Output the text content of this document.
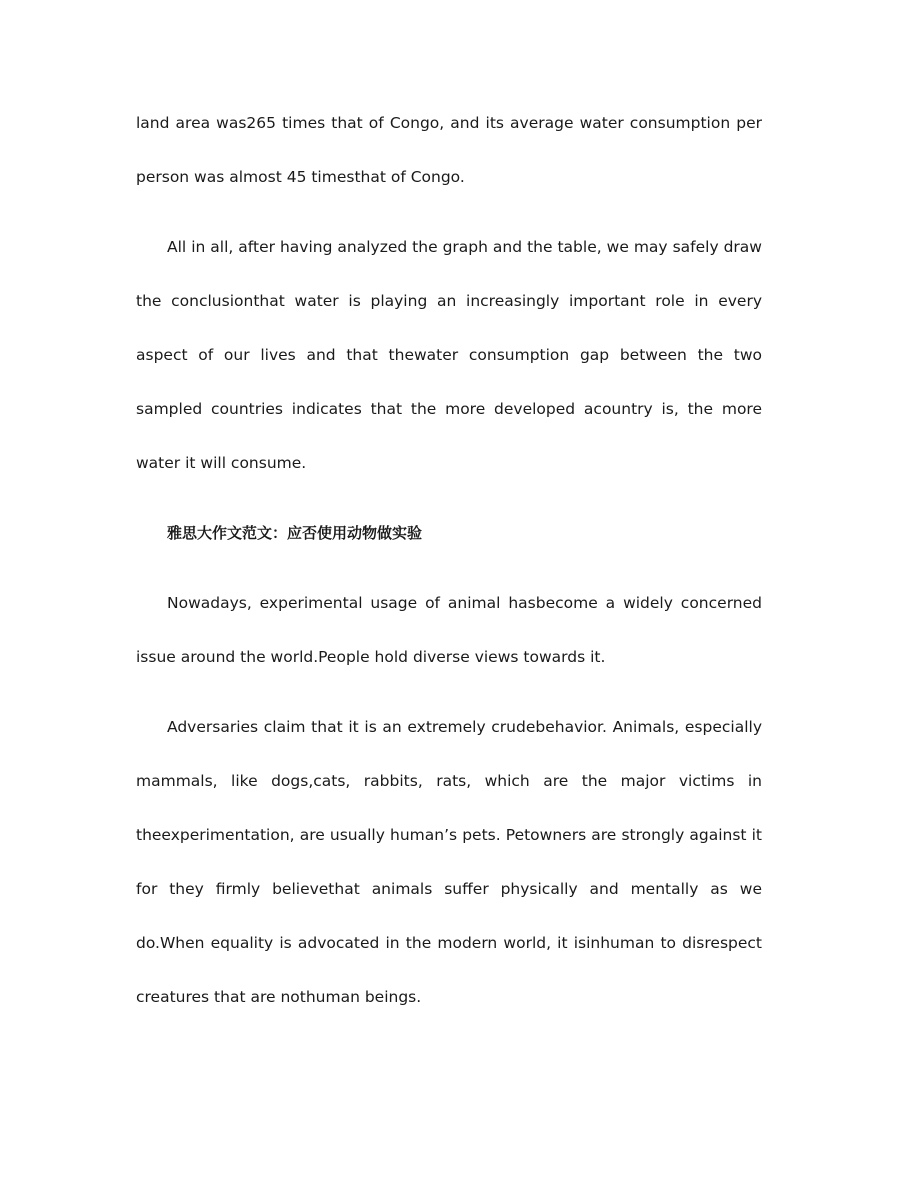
land area was265 times that of Congo, and its average water consumption per person was almost 45 timesthat of Congo.

All in all, after having analyzed the graph and the table, we may safely draw the conclusionthat water is playing an increasingly important role in every aspect of our lives and that thewater consumption gap between the two sampled countries indicates that the more developed acountry is, the more water it will consume.

雅思大作文范文：应否使用动物做实验

Nowadays, experimental usage of animal hasbecome a widely concerned issue around the world.People hold diverse views towards it.

Adversaries claim that it is an extremely crudebehavior. Animals, especially mammals, like dogs,cats, rabbits, rats, which are the major victims in theexperimentation, are usually human’s pets. Petowners are strongly against it for they firmly believethat animals suffer physically and mentally as we do.When equality is advocated in the modern world, it isinhuman to disrespect creatures that are nothuman beings.
